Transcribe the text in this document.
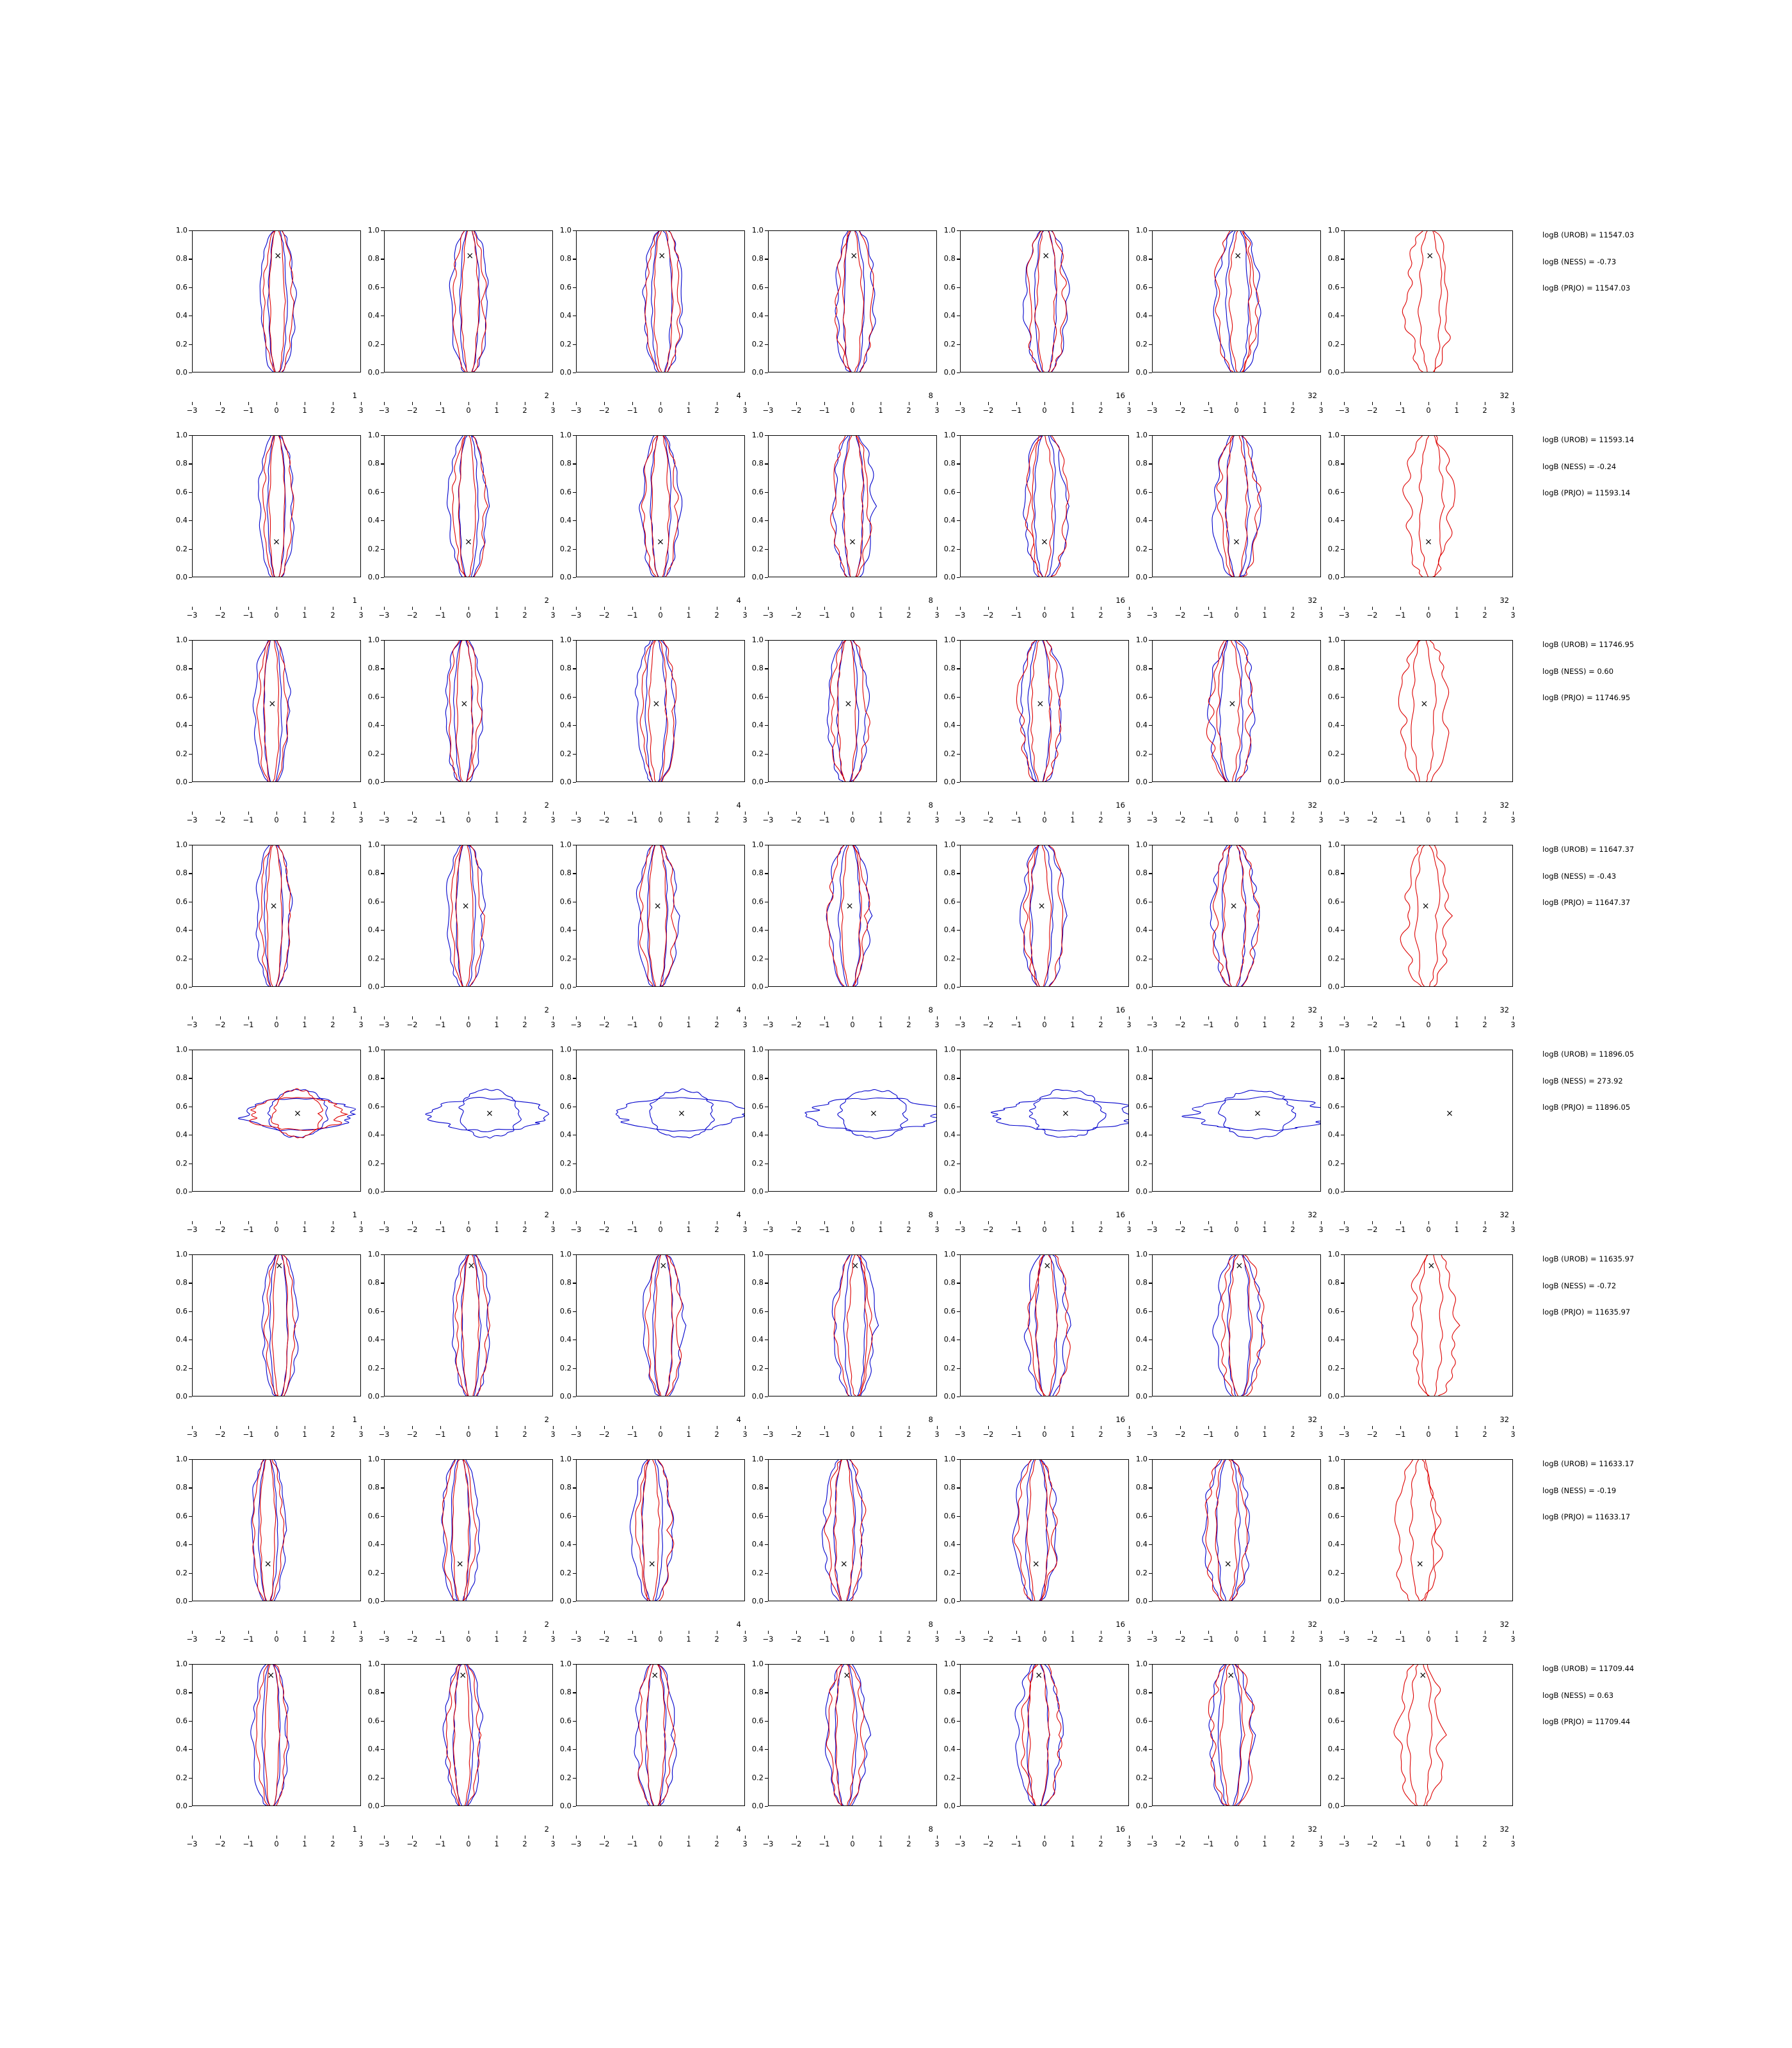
0.0
0.2
0.4
0.6
0.8
1.0
−3 −2 −1	0	1	2	3
×
1
0.0
0.2
0.4
0.6
0.8
1.0
−3 −2 −1	0	1	2	3
×
2
0.0
0.2
0.4
0.6
0.8
1.0
−3 −2 −1	0	1	2	3
×
4
0.0
0.2
0.4
0.6
0.8
1.0
−3 −2 −1	0	1	2	3
×
8
0.0
0.2
0.4
0.6
0.8
1.0
−3 −2 −1	0	1	2	3
×
16
0.0
0.2
0.4
0.6
0.8
1.0
−3 −2 −1	0	1	2	3
×
32
0.0
0.2
0.4
0.6
0.8
1.0
−3 −2 −1	0	1	2	3
×
32
logB (UROB) = 11547.03
logB (NESS) = -0.73
logB (PRJO) = 11547.03
0.0
0.2
0.4
0.6
0.8
1.0
−3 −2 −1	0	1	2	3
×
1
0.0
0.2
0.4
0.6
0.8
1.0
−3 −2 −1	0	1	2	3
×
2
0.0
0.2
0.4
0.6
0.8
1.0
−3 −2 −1	0	1	2	3
×
4
0.0
0.2
0.4
0.6
0.8
1.0
−3 −2 −1	0	1	2	3
×
8
0.0
0.2
0.4
0.6
0.8
1.0
−3 −2 −1	0	1	2	3
×
16
0.0
0.2
0.4
0.6
0.8
1.0
−3 −2 −1	0	1	2	3
×
32
0.0
0.2
0.4
0.6
0.8
1.0
−3 −2 −1	0	1	2	3
×
32
logB (UROB) = 11593.14
logB (NESS) = -0.24
logB (PRJO) = 11593.14
0.0
0.2
0.4
0.6
0.8
1.0
−3 −2 −1	0	1	2	3
×
1
0.0
0.2
0.4
0.6
0.8
1.0
−3 −2 −1	0	1	2	3
×
2
0.0
0.2
0.4
0.6
0.8
1.0
−3 −2 −1	0	1	2	3
×
4
0.0
0.2
0.4
0.6
0.8
1.0
−3 −2 −1	0	1	2	3
×
8
0.0
0.2
0.4
0.6
0.8
1.0
−3 −2 −1	0	1	2	3
×
16
0.0
0.2
0.4
0.6
0.8
1.0
−3 −2 −1	0	1	2	3
×
32
0.0
0.2
0.4
0.6
0.8
1.0
−3 −2 −1	0	1	2	3
×
32
logB (UROB) = 11746.95
logB (NESS) = 0.60
logB (PRJO) = 11746.95
0.0
0.2
0.4
0.6
0.8
1.0
−3 −2 −1	0	1	2	3
×
1
0.0
0.2
0.4
0.6
0.8
1.0
−3 −2 −1	0	1	2	3
×
2
0.0
0.2
0.4
0.6
0.8
1.0
−3 −2 −1	0	1	2	3
×
4
0.0
0.2
0.4
0.6
0.8
1.0
−3 −2 −1	0	1	2	3
×
8
0.0
0.2
0.4
0.6
0.8
1.0
−3 −2 −1	0	1	2	3
×
16
0.0
0.2
0.4
0.6
0.8
1.0
−3 −2 −1	0	1	2	3
×
32
0.0
0.2
0.4
0.6
0.8
1.0
−3 −2 −1	0	1	2	3
×
32
logB (UROB) = 11647.37
logB (NESS) = -0.43
logB (PRJO) = 11647.37
0.0
0.2
0.4
0.6
0.8
1.0
−3 −2 −1	0	1	2	3
×
1
0.0
0.2
0.4
0.6
0.8
1.0
−3 −2 −1	0	1	2	3
×
2
0.0
0.2
0.4
0.6
0.8
1.0
−3 −2 −1	0	1	2	3
×
4
0.0
0.2
0.4
0.6
0.8
1.0
−3 −2 −1	0	1	2	3
×
8
0.0
0.2
0.4
0.6
0.8
1.0
−3 −2 −1	0	1	2	3
×
16
0.0
0.2
0.4
0.6
0.8
1.0
−3 −2 −1	0	1	2	3
×
32
0.0
0.2
0.4
0.6
0.8
1.0
−3 −2 −1	0	1	2	3
×
32
logB (UROB) = 11896.05
logB (NESS) = 273.92
logB (PRJO) = 11896.05
0.0
0.2
0.4
0.6
0.8
1.0
−3 −2 −1	0	1	2	3
×
1
0.0
0.2
0.4
0.6
0.8
1.0
−3 −2 −1	0	1	2	3
×
2
0.0
0.2
0.4
0.6
0.8
1.0
−3 −2 −1	0	1	2	3
×
4
0.0
0.2
0.4
0.6
0.8
1.0
−3 −2 −1	0	1	2	3
×
8
0.0
0.2
0.4
0.6
0.8
1.0
−3 −2 −1	0	1	2	3
×
16
0.0
0.2
0.4
0.6
0.8
1.0
−3 −2 −1	0	1	2	3
×
32
0.0
0.2
0.4
0.6
0.8
1.0
−3 −2 −1	0	1	2	3
×
32
logB (UROB) = 11635.97
logB (NESS) = -0.72
logB (PRJO) = 11635.97
0.0
0.2
0.4
0.6
0.8
1.0
−3 −2 −1	0	1	2	3
×
1
0.0
0.2
0.4
0.6
0.8
1.0
−3 −2 −1	0	1	2	3
×
2
0.0
0.2
0.4
0.6
0.8
1.0
−3 −2 −1	0	1	2	3
×
4
0.0
0.2
0.4
0.6
0.8
1.0
−3 −2 −1	0	1	2	3
×
8
0.0
0.2
0.4
0.6
0.8
1.0
−3 −2 −1	0	1	2	3
×
16
0.0
0.2
0.4
0.6
0.8
1.0
−3 −2 −1	0	1	2	3
×
32
0.0
0.2
0.4
0.6
0.8
1.0
−3 −2 −1	0	1	2	3
×
32
logB (UROB) = 11633.17
logB (NESS) = -0.19
logB (PRJO) = 11633.17
0.0
0.2
0.4
0.6
0.8
1.0
−3 −2 −1	0	1	2	3
×
1
0.0
0.2
0.4
0.6
0.8
1.0
−3 −2 −1	0	1	2	3
×
2
0.0
0.2
0.4
0.6
0.8
1.0
−3 −2 −1	0	1	2	3
×
4
0.0
0.2
0.4
0.6
0.8
1.0
−3 −2 −1	0	1	2	3
×
8
0.0
0.2
0.4
0.6
0.8
1.0
−3 −2 −1	0	1	2	3
×
16
0.0
0.2
0.4
0.6
0.8
1.0
−3 −2 −1	0	1	2	3
×
32
0.0
0.2
0.4
0.6
0.8
1.0
−3 −2 −1	0	1	2	3
×
32
logB (UROB) = 11709.44
logB (NESS) = 0.63
logB (PRJO) = 11709.44
